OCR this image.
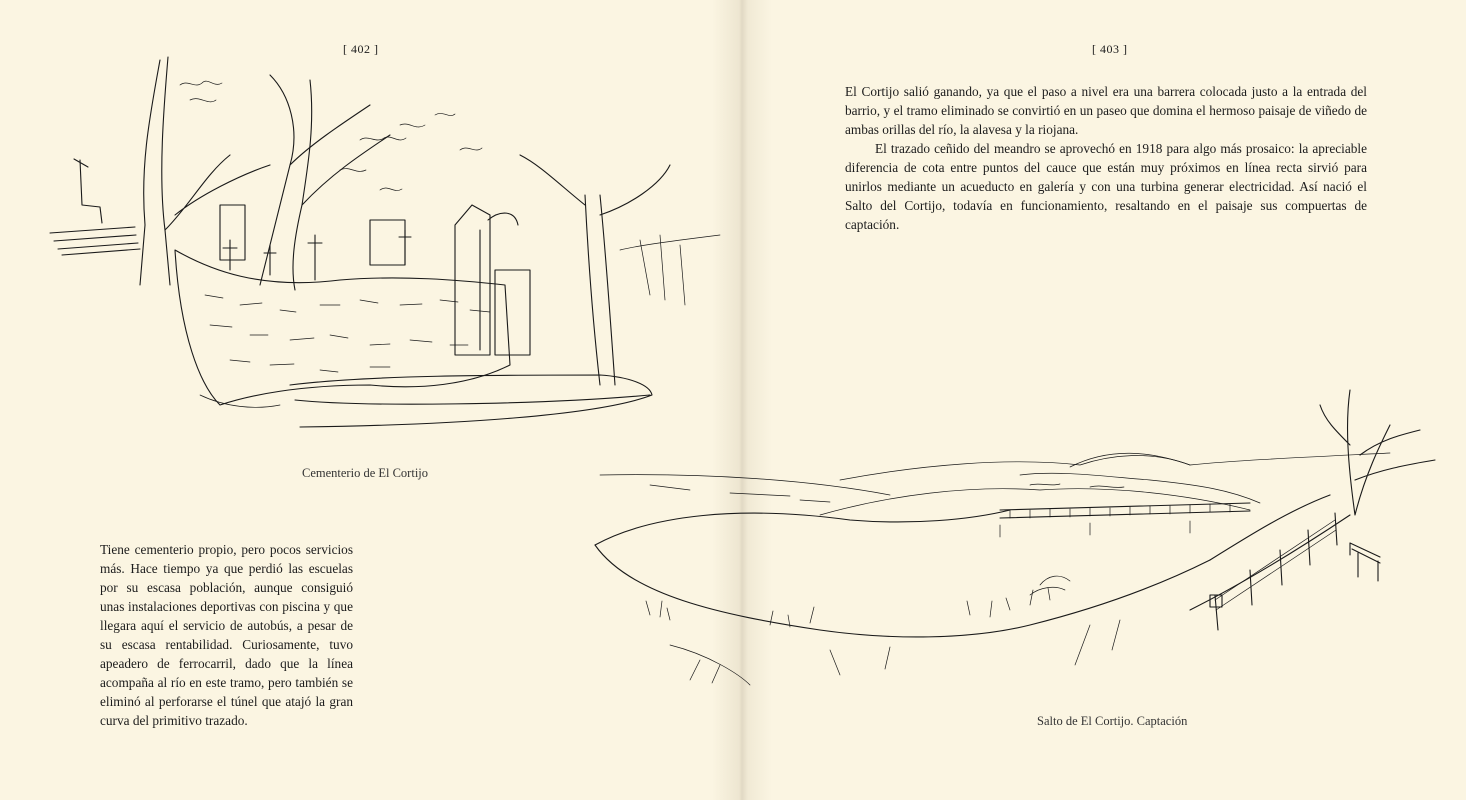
[ 402 ]	[ 403 ]
Cementerio de El Cortijo

Tiene cementerio propio, pero pocos servicios más. Hace tiempo ya que perdió las escuelas por su escasa población, aunque consiguió unas instalaciones deportivas con piscina y que llegara aquí el servicio de autobús, a pesar de su escasa rentabilidad. Curiosamente, tuvo apeadero de ferrocarril, dado que la línea acompaña al río en este tramo, pero también se eliminó al perforarse el túnel que atajó la gran curva del primitivo trazado.

El Cortijo salió ganando, ya que el paso a nivel era una barrera colocada justo a la entrada del barrio, y el tramo eliminado se convirtió en un paseo que domina el hermoso paisaje de viñedo de ambas orillas del río, la alavesa y la riojana.

El trazado ceñido del meandro se aprovechó en 1918 para algo más prosaico: la apreciable diferencia de cota entre puntos del cauce que están muy próximos en línea recta sirvió para unirlos mediante un acueducto en galería y con una turbina generar electricidad. Así nació el Salto del Cortijo, todavía en funcionamiento, resaltando en el paisaje sus compuertas de captación.

Salto de El Cortijo. Captación
